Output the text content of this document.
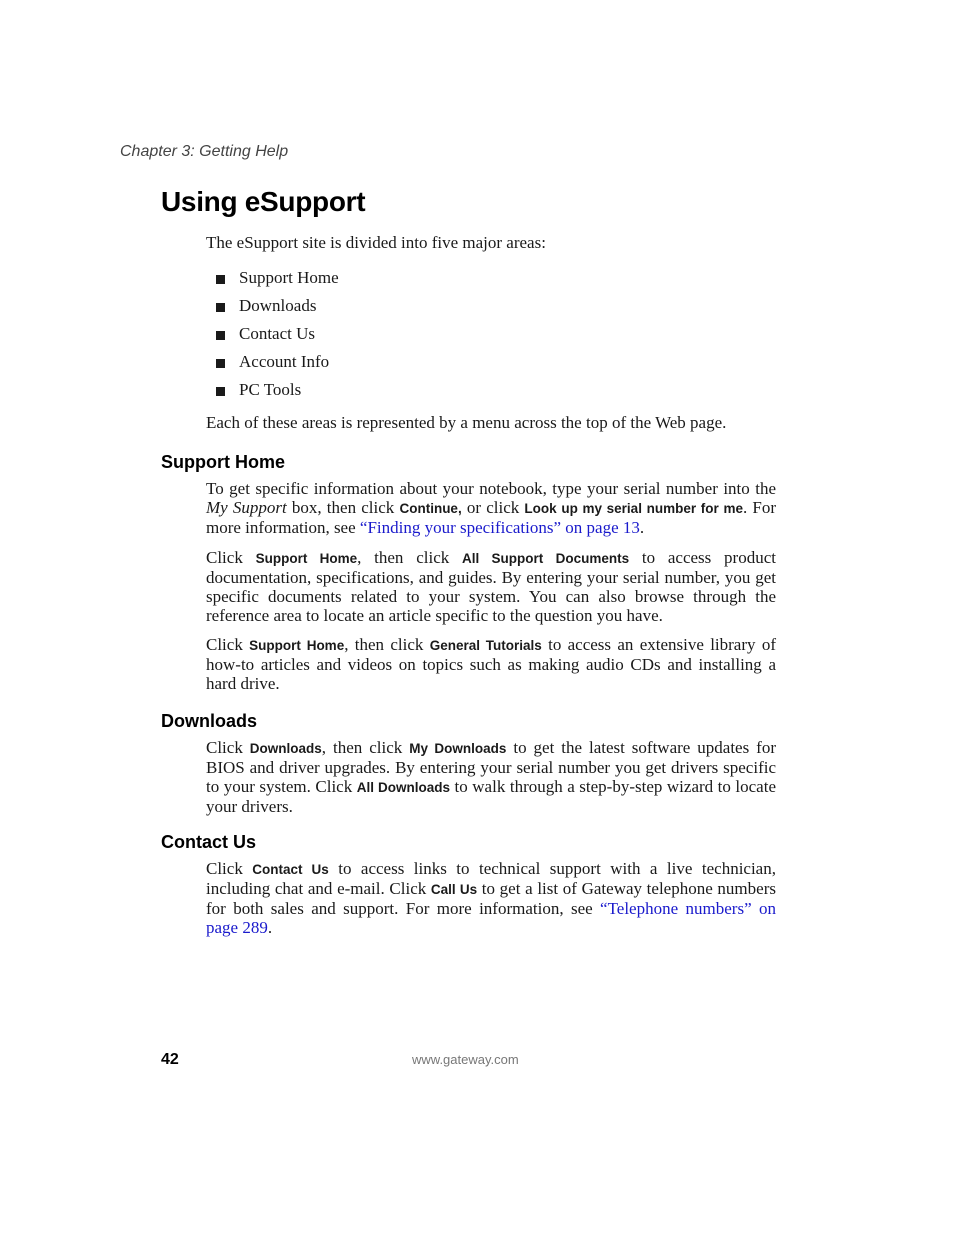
Chapter 3: Getting Help
Using eSupport

The eSupport site is divided into five major areas:

Support Home
Downloads
Contact Us
Account Info
PC Tools

Each of these areas is represented by a menu across the top of the Web page.

Support Home

To get specific information about your notebook, type your serial number into the My Support box, then click Continue, or click Look up my serial number for me. For more information, see “Finding your specifications” on page 13.

Click Support Home, then click All Support Documents to access product documentation, specifications, and guides. By entering your serial number, you get specific documents related to your system. You can also browse through the reference area to locate an article specific to the question you have.

Click Support Home, then click General Tutorials to access an extensive library of how-to articles and videos on topics such as making audio CDs and installing a hard drive.

Downloads

Click Downloads, then click My Downloads to get the latest software updates for BIOS and driver upgrades. By entering your serial number you get drivers specific to your system. Click All Downloads to walk through a step-by-step wizard to locate your drivers.

Contact Us

Click Contact Us to access links to technical support with a live technician, including chat and e-mail. Click Call Us to get a list of Gateway telephone numbers for both sales and support. For more information, see “Telephone numbers” on page 289.

42	www.gateway.com
